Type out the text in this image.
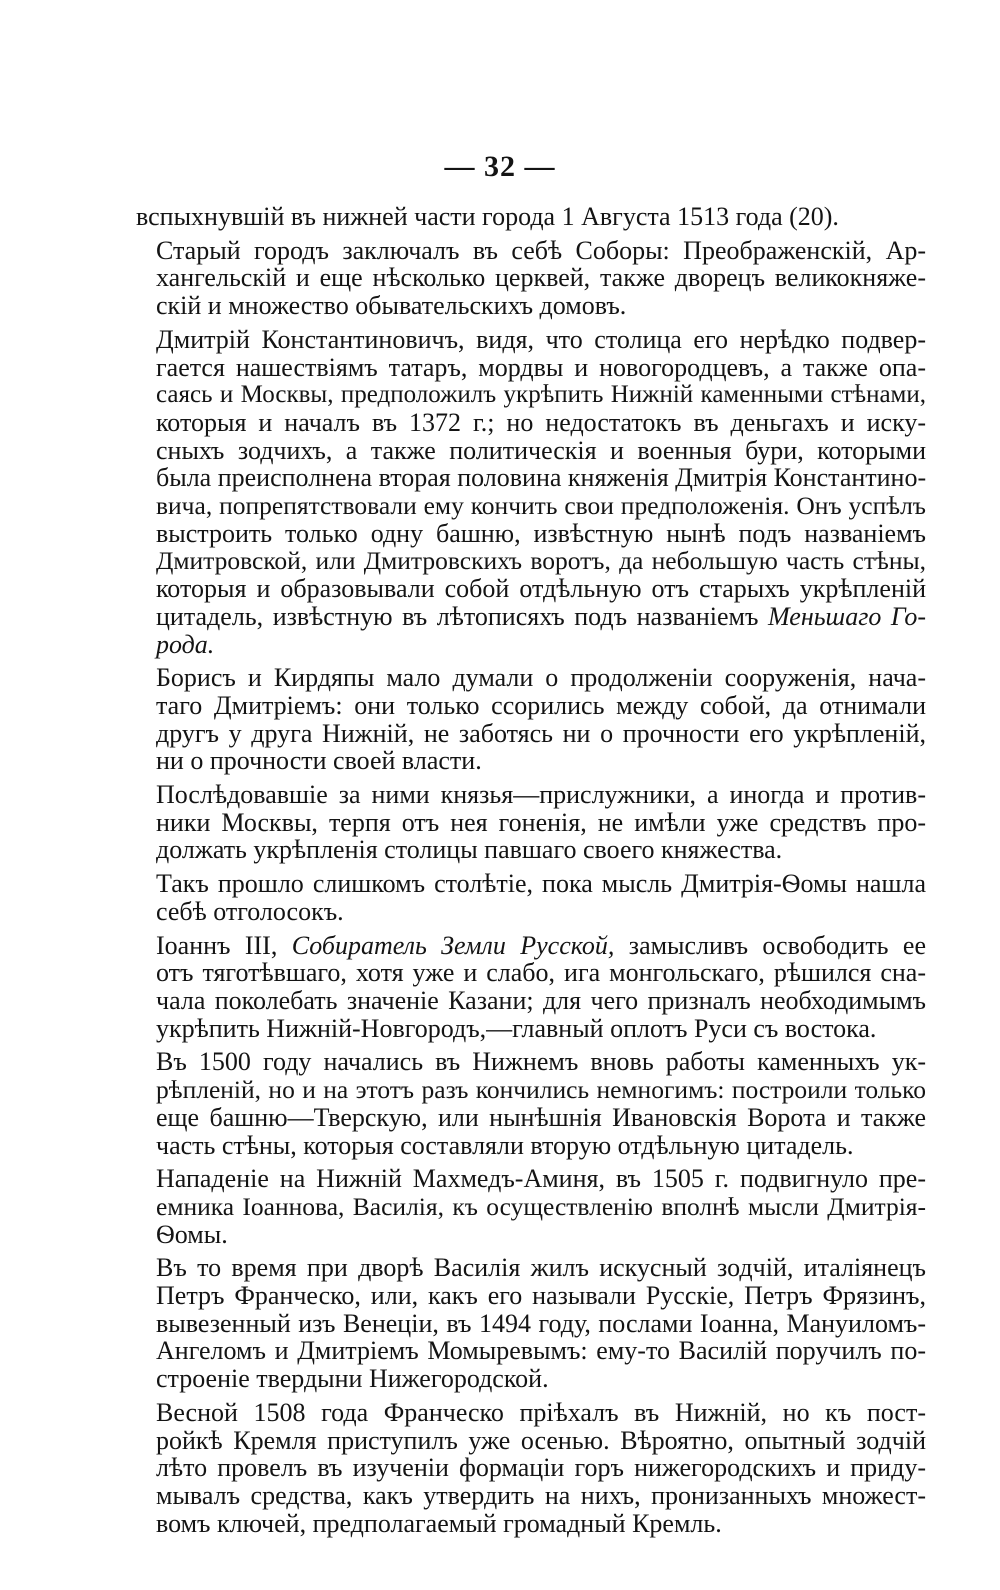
— 32 —

вспыхнувшій въ нижней части города 1 Августа 1513 года (20).

Старый городъ заключалъ въ себѣ Соборы: Преображенскій, Ар-
хангельскій и еще нѣсколько церквей, также дворецъ великокняже-
скій и множество обывательскихъ домовъ.

Дмитрій Константиновичъ, видя, что столица его нерѣдко подвер-
гается нашествіямъ татаръ, мордвы и новогородцевъ, а также опа-
саясь и Москвы, предположилъ укрѣпить Нижній каменными стѣнами,
которыя и началъ въ 1372 г.; но недостатокъ въ деньгахъ и иску-
сныхъ зодчихъ, а также политическія и военныя бури, которыми
была преисполнена вторая половина княженія Дмитрія Константино-
вича, попрепятствовали ему кончить свои предположенія. Онъ успѣлъ
выстроить только одну башню, извѣстную нынѣ подъ названіемъ
Дмитровской, или Дмитровскихъ воротъ, да небольшую часть стѣны,
которыя и образовывали собой отдѣльную отъ старыхъ укрѣпленій
цитадель, извѣстную въ лѣтописяхъ подъ названіемъ Меньшаго Го-
рода.

Борисъ и Кирдяпы мало думали о продолженіи сооруженія, нача-
таго Дмитріемъ: они только ссорились между собой, да отнимали
другъ у друга Нижній, не заботясь ни о прочности его укрѣпленій,
ни о прочности своей власти.

Послѣдовавшіе за ними князья—прислужники, а иногда и против-
ники Москвы, терпя отъ нея гоненія, не имѣли уже средствъ про-
должать укрѣпленія столицы павшаго своего княжества.

Такъ прошло слишкомъ столѣтіе, пока мысль Дмитрія-Ѳомы нашла
себѣ отголосокъ.

Іоаннъ III, Собиратель Земли Русской, замысливъ освободить ее
отъ тяготѣвшаго, хотя уже и слабо, ига монгольскаго, рѣшился сна-
чала поколебать значеніе Казани; для чего призналъ необходимымъ
укрѣпить Нижній-Новгородъ,—главный оплотъ Руси съ востока.

Въ 1500 году начались въ Нижнемъ вновь работы каменныхъ ук-
рѣпленій, но и на этотъ разъ кончились немногимъ: построили только
еще башню—Тверскую, или нынѣшнія Ивановскія Ворота и также
часть стѣны, которыя составляли вторую отдѣльную цитадель.

Нападеніе на Нижній Махмедъ-Аминя, въ 1505 г. подвигнуло пре-
емника Іоаннова, Василія, къ осуществленію вполнѣ мысли Дмитрія-
Ѳомы.

Въ то время при дворѣ Василія жилъ искусный зодчій, италіянецъ
Петръ Франческо, или, какъ его называли Русскіе, Петръ Фрязинъ,
вывезенный изъ Венеціи, въ 1494 году, послами Іоанна, Мануиломъ-
Ангеломъ и Дмитріемъ Момыревымъ: ему-то Василій поручилъ по-
строеніе твердыни Нижегородской.

Весной 1508 года Франческо пріѣхалъ въ Нижній, но къ пост-
ройкѣ Кремля приступилъ уже осенью. Вѣроятно, опытный зодчій
лѣто провелъ въ изученіи формаціи горъ нижегородскихъ и приду-
мывалъ средства, какъ утвердить на нихъ, пронизанныхъ множест-
вомъ ключей, предполагаемый громадный Кремль.
